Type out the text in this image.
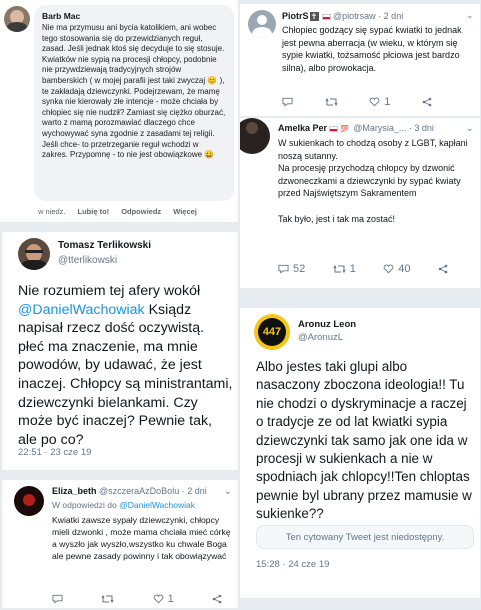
Barb Mac
Nie ma przymusu ani bycia katolikiem, ani wobec tego stosowania się do przewidzianych reguł, zasad. Jeśli jednak ktoś się decyduje to się stosuje. Kwiatków nie sypią na procesji chłopcy, podobnie nie przywdziewają tradycyjnych strojów bamberskich ( w mojej parafii jest taki zwyczaj 😊 ), te zakładają dziewczynki. Podejrzewam, że mamę synka nie kierowały złe intencje - może chciała by chłopiec się nie nudził? Zamiast się ciężko oburzać, warto z mamą porozmawiać dlaczego chce wychowywać syna zgodnie z zasadami tej religii.
Jeśli chce- to przetrzeganie reguł wchodzi w zakres. Przypomnę - to nie jest obowiązkowe 😀
w niedz. Lubię to! Odpowiedz Więcej
Tomasz Terlikowski
@tterlikowski
Nie rozumiem tej afery wokół @DanielWachowiak Ksiądz napisał rzecz dość oczywistą. płeć ma znaczenie, ma mnie powodów, by udawać, że jest inaczej. Chłopcy są ministrantami, dziewczynki bielankami. Czy może być inaczej? Pewnie tak, ale po co?
22:51 · 23 cze 19
Eliza_beth @szczeraAzDoBolu · 2 dni ⌄
W odpowiedzi do @DanielWachowiak
Kwiatki zawsze sypały dziewczynki, chłopcy mieli dzwonki , może mama chciała mieć córkę a wyszło jak wyszło,wszystko ku chwale Boga ale pewne zasady powinny i tak obowiązywać
1
PiotrS ✝ @piotrsaw · 2 dni	⌄
Chłopiec godzący się sypać kwiatki to jednak jest pewna aberracja (w wieku, w którym się sypie kwiatki, tożsamość płciowa jest bardzo silna), albo prowokacja.
1
Amelka Per 💯 @Marysia_... · 3 dni	⌄
W sukienkach to chodzą osoby z LGBT, kapłani noszą sutanny.
Na procesję przychodzą chłopcy by dzwonić dzwoneczkami a dziewczynki by sypać kwiaty przed Najświętszym Sakramentem

Tak było, jest i tak ma zostać!
52	1	40
447
Aronuz Leon
@AronuzL
Albo jestes taki glupi albo nasaczony zboczona ideologia!! Tu nie chodzi o dyskryminacje a raczej o tradycje ze od lat kwiatki sypia dziewczynki tak samo jak one ida w procesji w sukienkach a nie w spodniach jak chlopcy!!Ten chloptas pewnie byl ubrany przez mamusie w sukienke??
Ten cytowany Tweet jest niedostępny.
15:28 · 24 cze 19
